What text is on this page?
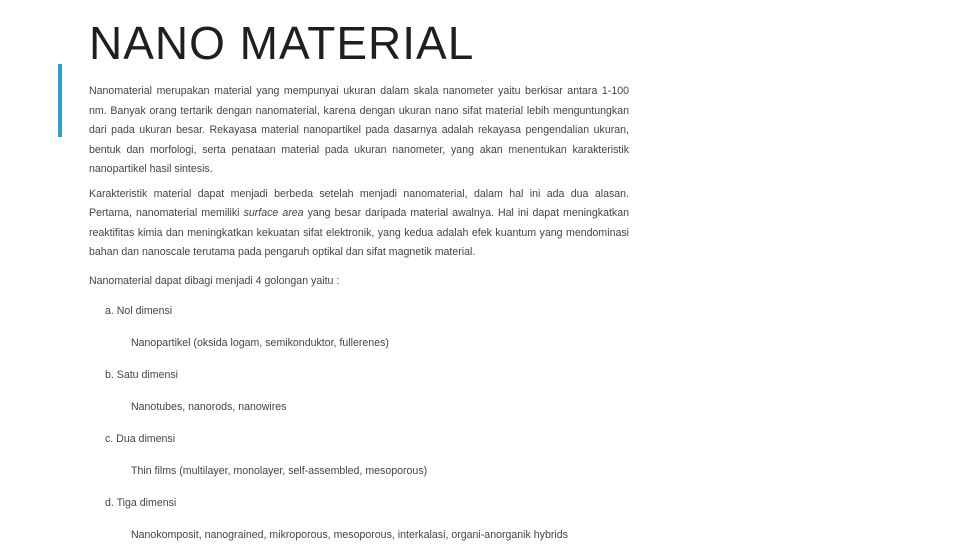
NANO MATERIAL

Nanomaterial merupakan material yang mempunyai ukuran dalam skala nanometer yaitu berkisar antara 1-100 nm. Banyak orang tertarik dengan nanomaterial, karena dengan ukuran nano sifat material lebih menguntungkan dari pada ukuran besar. Rekayasa material nanopartikel pada dasarnya adalah rekayasa pengendalian ukuran, bentuk dan morfologi, serta penataan material pada ukuran nanometer, yang akan menentukan karakteristik nanopartikel hasil sintesis.

Karakteristik material dapat menjadi berbeda setelah menjadi nanomaterial, dalam hal ini ada dua alasan. Pertama, nanomaterial memiliki surface area yang besar daripada material awalnya. Hal ini dapat meningkatkan reaktifitas kimia dan meningkatkan kekuatan sifat elektronik, yang kedua adalah efek kuantum yang mendominasi bahan dan nanoscale terutama pada pengaruh optikal dan sifat magnetik material.

Nanomaterial dapat dibagi menjadi 4 golongan yaitu :

a. Nol dimensi

Nanopartikel (oksida logam, semikonduktor, fullerenes)

b. Satu dimensi

Nanotubes, nanorods, nanowires

c. Dua dimensi

Thin films (multilayer, monolayer, self-assembled, mesoporous)

d. Tiga dimensi

Nanokomposit, nanograined, mikroporous, mesoporous, interkalasi, organi-anorganik hybrids
